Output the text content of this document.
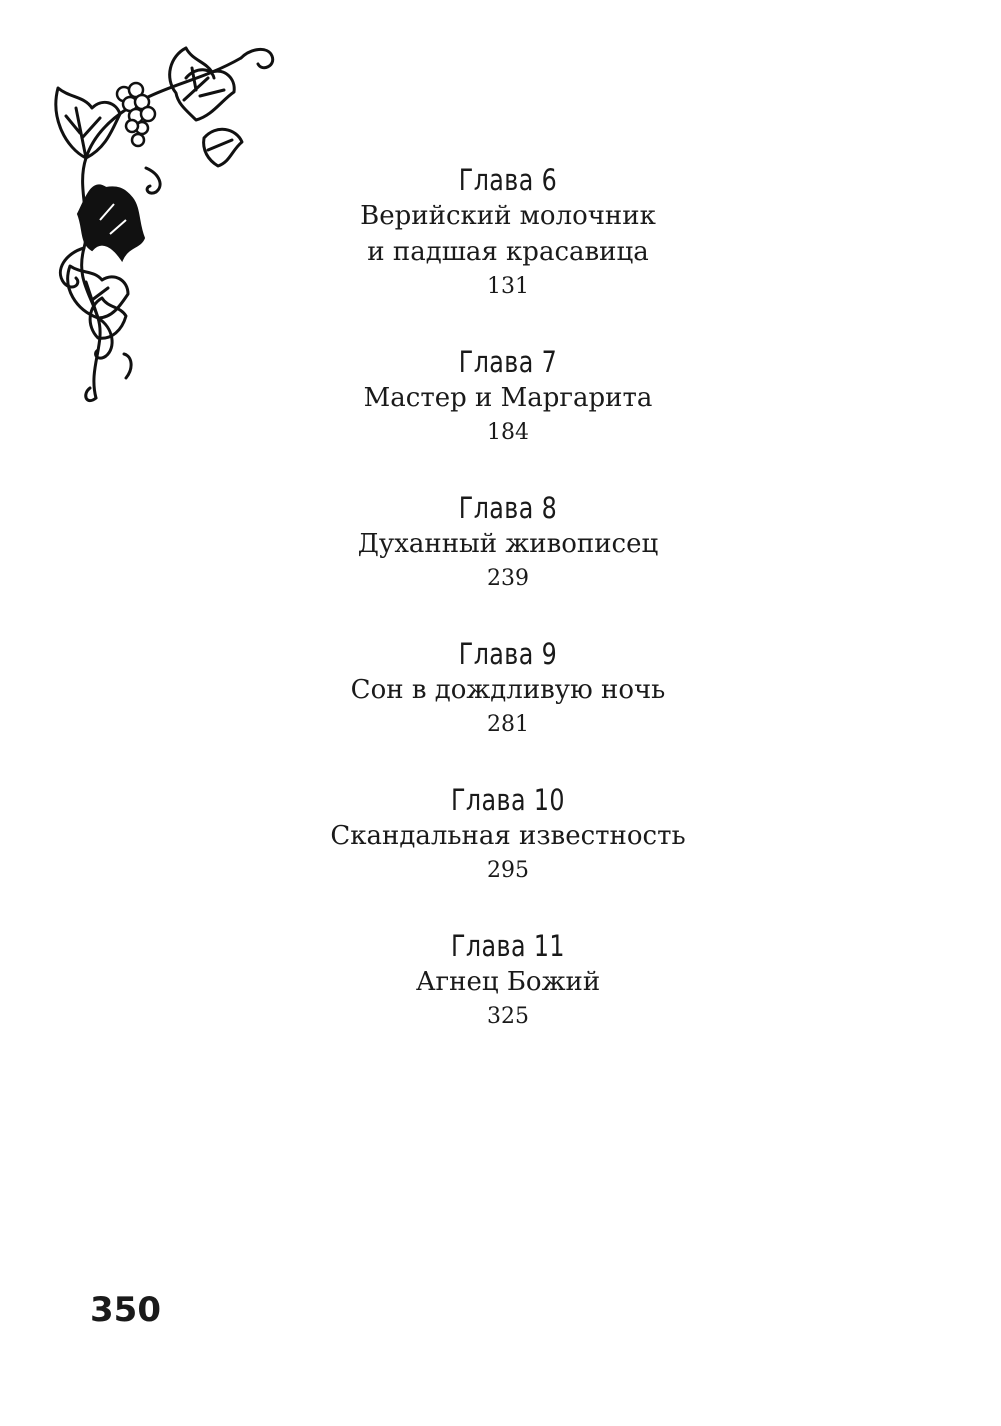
Глава 6
Верийский молочник
и падшая красавица
131
Глава 7
Мастер и Маргарита
184
Глава 8
Духанный живописец
239
Глава 9
Сон в дождливую ночь
281
Глава 10
Скандальная известность
295
Глава 11
Агнец Божий
325
350
